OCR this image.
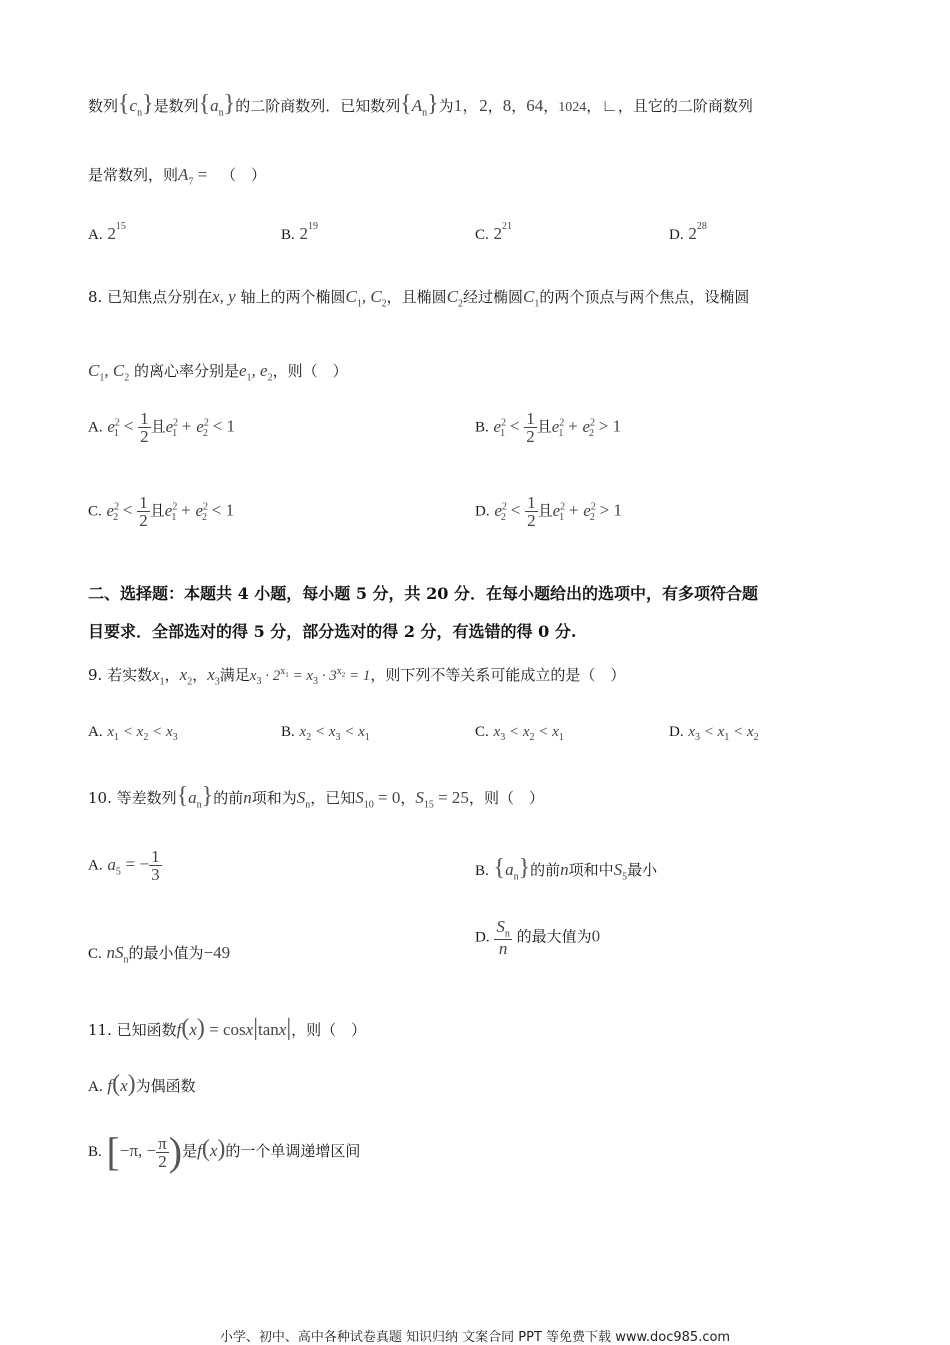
数列$\{c_n\}$是数列$\{a_n\}$的二阶商数列．已知数列$\{A_n\}$为1，2，8，64，1024，∟，且它的二阶商数列
是常数列，则$A_7$ =   （　）
A. $2^{15}$
B. $2^{19}$
C. $2^{21}$
D. $2^{28}$
8. 已知焦点分别在x, y 轴上的两个椭圆$C_1$, $C_2$，且椭圆$C_2$经过椭圆$C_1$的两个顶点与两个焦点，设椭圆
$C_1$, $C_2$ 的离心率分别是$e_1$, $e_2$，则（　）
A. $e^2_1 < \frac{1}{2}$ 且$e^2_1 + e^2_2 < 1$	B. $e^2_1 < \frac{1}{2}$ 且$e^2_1 + e^2_2 > 1$
C. $e^2_2 < \frac{1}{2}$ 且$e^2_1 + e^2_2 < 1$	D. $e^2_2 < \frac{1}{2}$ 且$e^2_1 + e^2_2 > 1$
二、选择题：本题共 4 小题，每小题 5 分，共 20 分．在每小题给出的选项中，有多项符合题
目要求．全部选对的得 5 分，部分选对的得 2 分，有选错的得 0 分.
9. 若实数$x_1$，$x_2$，$x_3$满足$x_3 \cdot 2^{x_1} = x_3 \cdot 3^{x_2} = 1$，则下列不等关系可能成立的是（　）
A. $x_1 < x_2 < x_3$	B. $x_2 < x_3 < x_1$	C. $x_3 < x_2 < x_1$	D. $x_3 < x_1 < x_2$
10. 等差数列$\{a_n\}$的前n项和为$S_n$，已知$S_{10} = 0$，$S_{15} = 25$，则（　）
A. $a_5$ = − $\frac{1}{3}$	B. $\{a_n\}$的前n项和中$S_5$最小
C. $nS_n$的最小值为−49
D. $\frac{S_n}{n}$ 的最大值为0
11. 已知函数f(x) = cosx|tanx|，则（　）
A. f(x)为偶函数
B. [−π, − $\frac{\pi}{2}$ )是f(x)的一个单调递增区间
小学、初中、高中各种试卷真题 知识归纳 文案合同 PPT 等免费下载 www.doc985.com
